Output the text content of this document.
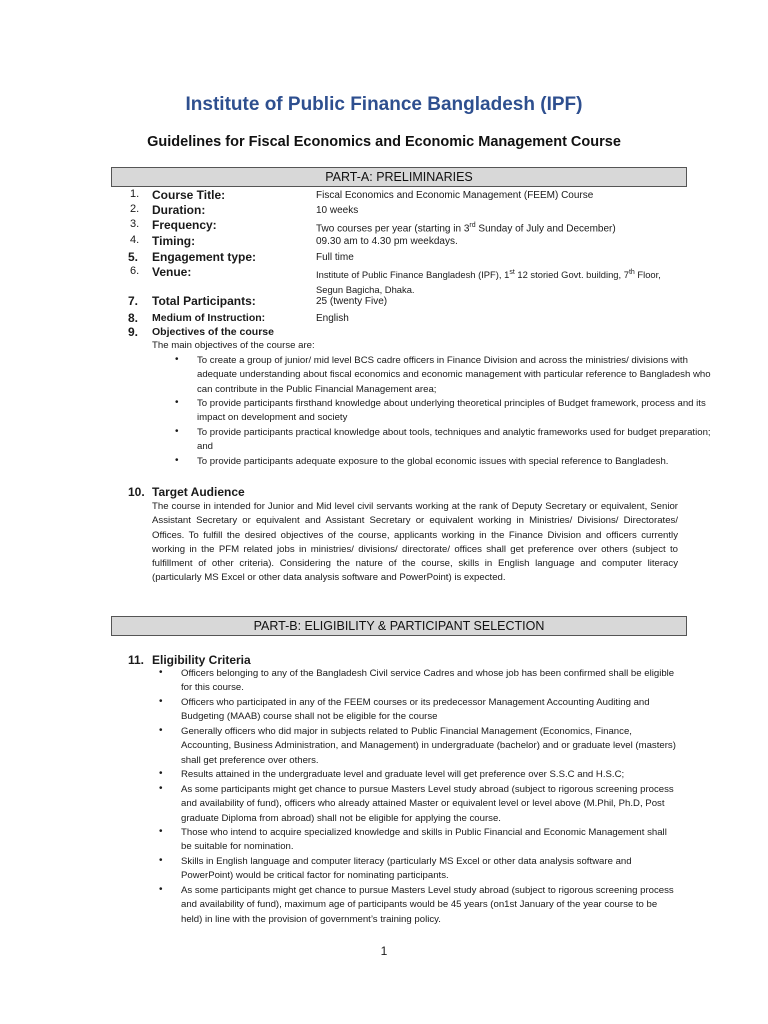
Institute of Public Finance Bangladesh (IPF)
Guidelines for Fiscal Economics and Economic Management Course
PART-A: PRELIMINARIES
1. Course Title:	Fiscal Economics and Economic Management (FEEM) Course
2. Duration:	10 weeks
3. Frequency:	Two courses per year (starting in 3rd Sunday of July and December)
4. Timing:	09.30 am to 4.30 pm weekdays.
5. Engagement type:	Full time
6. Venue:	Institute of Public Finance Bangladesh (IPF), 1st 12 storied Govt. building, 7th Floor, Segun Bagicha, Dhaka.
7. Total Participants:	25 (twenty Five)
8. Medium of Instruction:	English
9. Objectives of the course
The main objectives of the course are:
• To create a group of junior/ mid level BCS cadre officers in Finance Division and across the ministries/ divisions with adequate understanding about fiscal economics and economic management with particular reference to Bangladesh who can contribute in the Public Financial Management area;
• To provide participants firsthand knowledge about underlying theoretical principles of Budget framework, process and its impact on development and society
• To provide participants practical knowledge about tools, techniques and analytic frameworks used for budget preparation; and
• To provide participants adequate exposure to the global economic issues with special reference to Bangladesh.
10. Target Audience
The course in intended for Junior and Mid level civil servants working at the rank of Deputy Secretary or equivalent, Senior Assistant Secretary or equivalent and Assistant Secretary or equivalent working in Ministries/ Divisions/ Directorates/ Offices. To fulfill the desired objectives of the course, applicants working in the Finance Division and officers currently working in the PFM related jobs in ministries/ divisions/ directorate/ offices shall get preference over others (subject to fulfillment of other criteria). Considering the nature of the course, skills in English language and computer literacy (particularly MS Excel or other data analysis software and PowerPoint) is expected.
PART-B: ELIGIBILITY & PARTICIPANT SELECTION
11. Eligibility Criteria
• Officers belonging to any of the Bangladesh Civil service Cadres and whose job has been confirmed shall be eligible for this course.
• Officers who participated in any of the FEEM courses or its predecessor Management Accounting Auditing and Budgeting (MAAB) course shall not be eligible for the course
• Generally officers who did major in subjects related to Public Financial Management (Economics, Finance, Accounting, Business Administration, and Management) in undergraduate (bachelor) and or graduate level (masters) shall get preference over others.
• Results attained in the undergraduate level and graduate level will get preference over S.S.C and H.S.C;
• As some participants might get chance to pursue Masters Level study abroad (subject to rigorous screening process and availability of fund), officers who already attained Master or equivalent level or level above (M.Phil, Ph.D, Post graduate Diploma from abroad) shall not be eligible for applying the course.
• Those who intend to acquire specialized knowledge and skills in Public Financial and Economic Management shall be suitable for nomination.
• Skills in English language and computer literacy (particularly MS Excel or other data analysis software and PowerPoint) would be critical factor for nominating participants.
• As some participants might get chance to pursue Masters Level study abroad (subject to rigorous screening process and availability of fund), maximum age of participants would be 45 years (on1st January of the year course to be held) in line with the provision of government’s training policy.
1
